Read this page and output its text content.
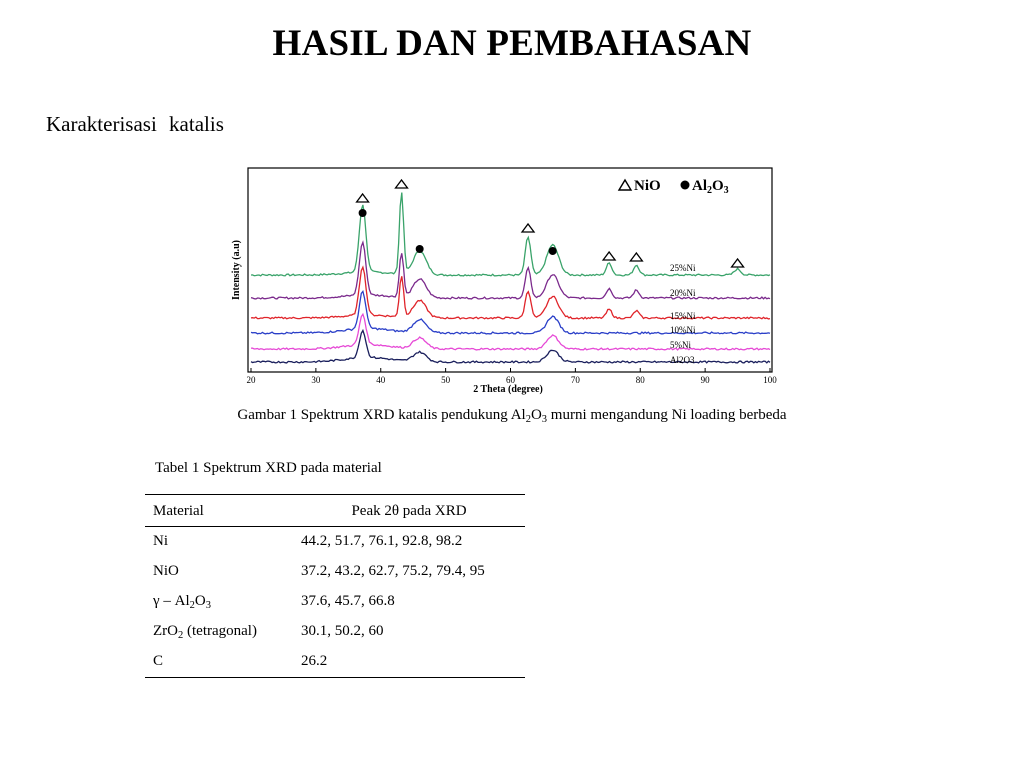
HASIL DAN PEMBAHASAN
Karakterisasi katalis
25%Ni
20%Ni
15%Ni
10%Ni
5%Ni
Al2O3
20	30	40	50	60	70	80	90	100
NiO $Al_2O_3$
Intensity (a.u)
2 Theta (degree)
Gambar 1 Spektrum XRD katalis pendukung $Al_2O_3$ murni mengandung Ni loading berbeda
Tabel 1 Spektrum XRD pada material
Material	Peak 2θ pada XRD
Ni	44.2, 51.7, 76.1, 92.8, 98.2
NiO	37.2, 43.2, 62.7, 75.2, 79.4, 95
γ – $Al_2O_3$	37.6, 45.7, 66.8
ZrO$_2$ (tetragonal)	30.1, 50.2, 60
C	26.2
